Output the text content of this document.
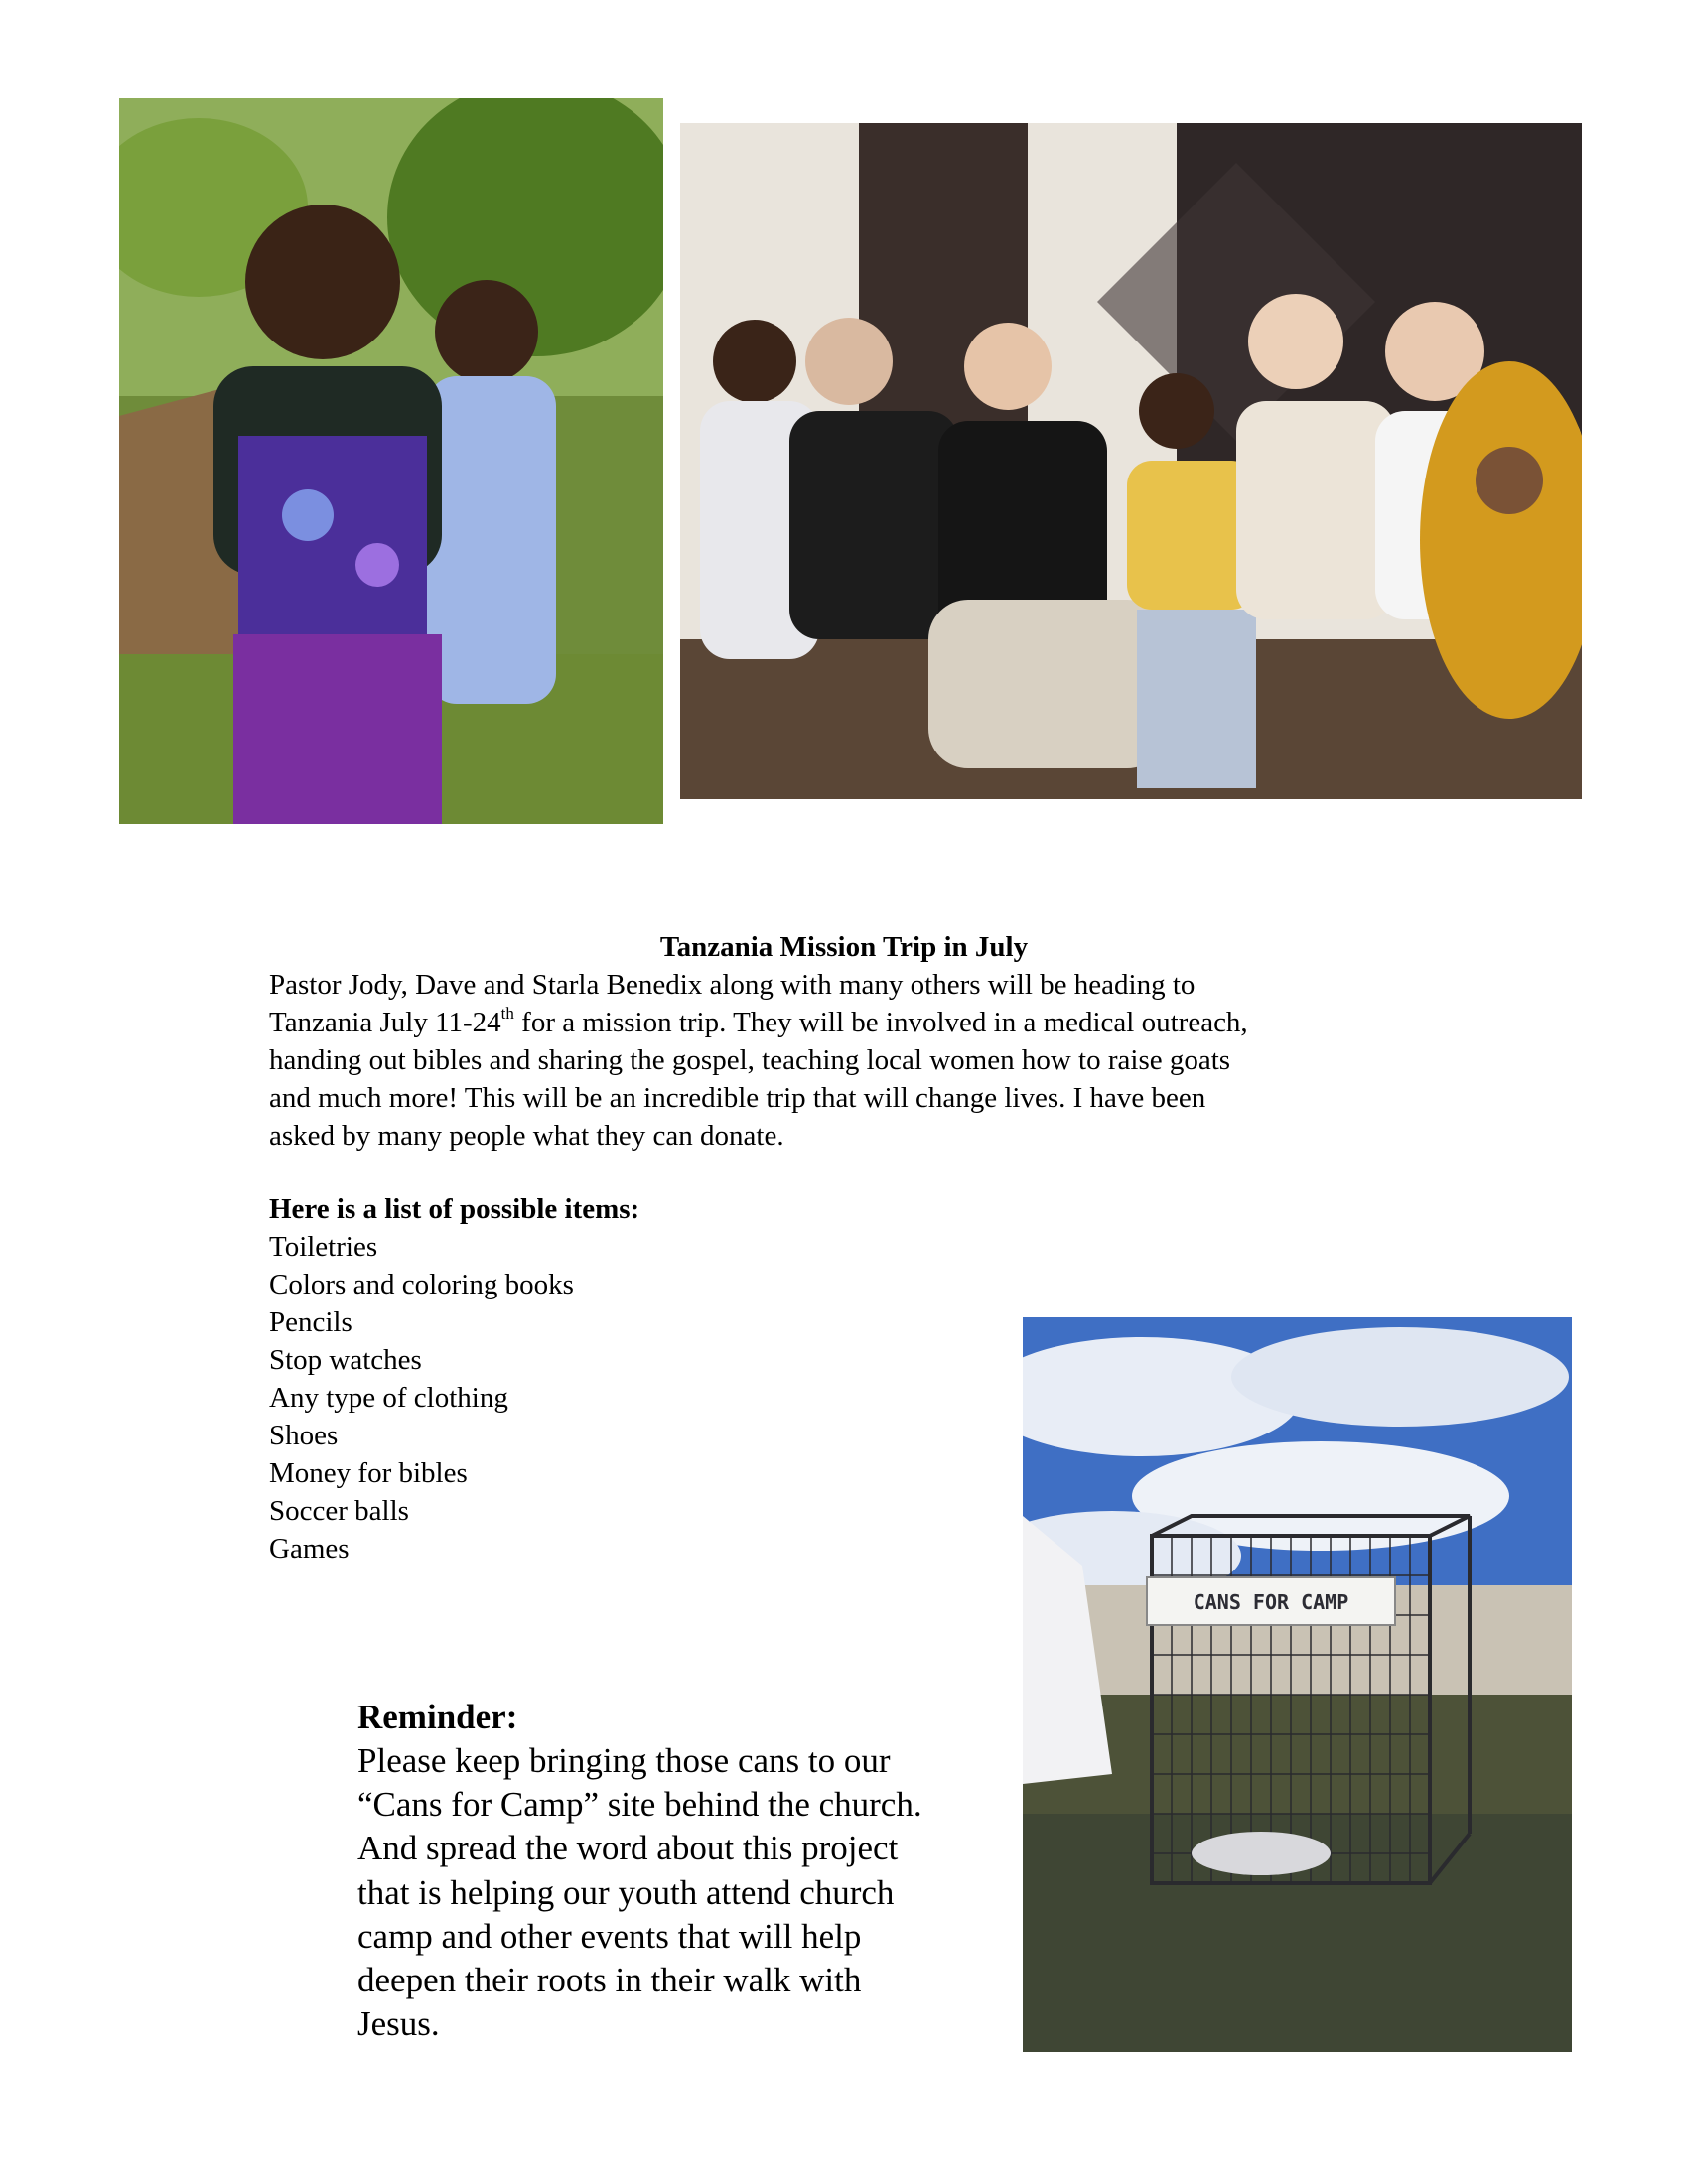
Tanzania Mission Trip in July
Pastor Jody, Dave and Starla Benedix along with many others will be heading to
Tanzania July 11-24th for a mission trip. They will be involved in a medical outreach,
handing out bibles and sharing the gospel, teaching local women how to raise goats
and much more! This will be an incredible trip that will change lives. I have been
asked by many people what they can donate.
Here is a list of possible items:
Toiletries
Colors and coloring books
Pencils
Stop watches
Any type of clothing
Shoes
Money for bibles
Soccer balls
Games
CANS FOR CAMP
Reminder:
Please keep bringing those cans to our
“Cans for Camp” site behind the church.
And spread the word about this project
that is helping our youth attend church
camp and other events that will help
deepen their roots in their walk with
Jesus.
